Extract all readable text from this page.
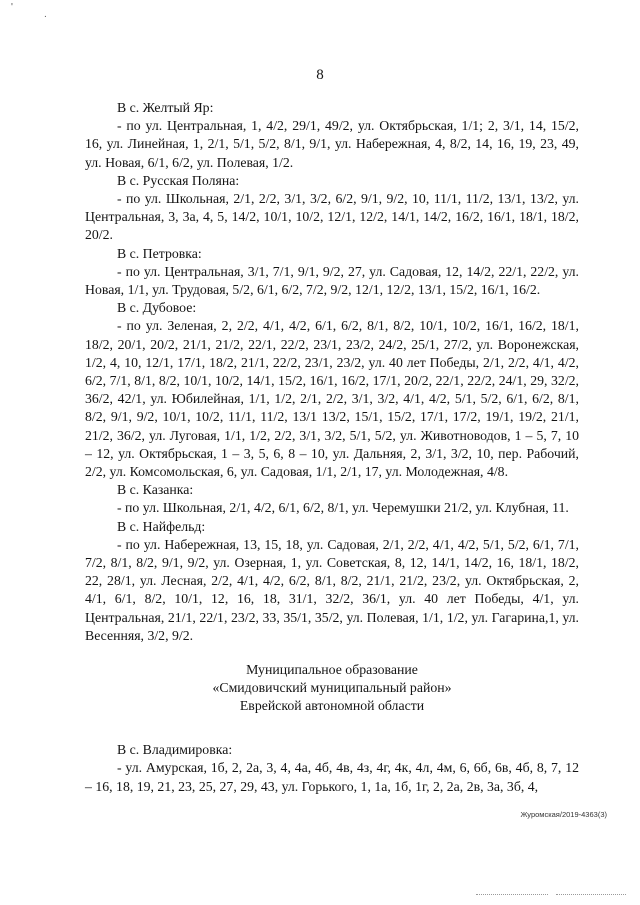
'
.
8

В с. Желтый Яр:

- по ул. Центральная, 1, 4/2, 29/1, 49/2, ул. Октябрьская, 1/1; 2, 3/1, 14, 15/2, 16, ул. Линейная, 1, 2/1, 5/1, 5/2, 8/1, 9/1, ул. Набережная, 4, 8/2, 14, 16, 19, 23, 49, ул. Новая, 6/1, 6/2, ул. Полевая, 1/2.

В с. Русская Поляна:

- по ул. Школьная, 2/1, 2/2, 3/1, 3/2, 6/2, 9/1, 9/2, 10, 11/1, 11/2, 13/1, 13/2, ул. Центральная, 3, 3а, 4, 5, 14/2, 10/1, 10/2, 12/1, 12/2, 14/1, 14/2, 16/2, 16/1, 18/1, 18/2, 20/2.

В с. Петровка:

- по ул. Центральная, 3/1, 7/1, 9/1, 9/2, 27, ул. Садовая, 12, 14/2, 22/1, 22/2, ул. Новая, 1/1, ул. Трудовая, 5/2, 6/1, 6/2, 7/2, 9/2, 12/1, 12/2, 13/1, 15/2, 16/1, 16/2.

В с. Дубовое:

- по ул. Зеленая, 2, 2/2, 4/1, 4/2, 6/1, 6/2, 8/1, 8/2, 10/1, 10/2, 16/1, 16/2, 18/1, 18/2, 20/1, 20/2, 21/1, 21/2, 22/1, 22/2, 23/1, 23/2, 24/2, 25/1, 27/2, ул. Воронежская, 1/2, 4, 10, 12/1, 17/1, 18/2, 21/1, 22/2, 23/1, 23/2, ул. 40 лет Победы, 2/1, 2/2, 4/1, 4/2, 6/2, 7/1, 8/1, 8/2, 10/1, 10/2, 14/1, 15/2, 16/1, 16/2, 17/1, 20/2, 22/1, 22/2, 24/1, 29, 32/2, 36/2, 42/1, ул. Юбилейная, 1/1, 1/2, 2/1, 2/2, 3/1, 3/2, 4/1, 4/2, 5/1, 5/2, 6/1, 6/2, 8/1, 8/2, 9/1, 9/2, 10/1, 10/2, 11/1, 11/2, 13/1 13/2, 15/1, 15/2, 17/1, 17/2, 19/1, 19/2, 21/1, 21/2, 36/2, ул. Луговая, 1/1, 1/2, 2/2, 3/1, 3/2, 5/1, 5/2, ул. Животноводов, 1 – 5, 7, 10 – 12, ул. Октябрьская, 1 – 3, 5, 6, 8 – 10, ул. Дальняя, 2, 3/1, 3/2, 10, пер. Рабочий, 2/2, ул. Комсомольская, 6, ул. Садовая, 1/1, 2/1, 17, ул. Молодежная, 4/8.

В с. Казанка:

- по ул. Школьная, 2/1, 4/2, 6/1, 6/2, 8/1, ул. Черемушки 21/2, ул. Клубная, 11.

В с. Найфельд:

- по ул. Набережная, 13, 15, 18, ул. Садовая, 2/1, 2/2, 4/1, 4/2, 5/1, 5/2, 6/1, 7/1, 7/2, 8/1, 8/2, 9/1, 9/2, ул. Озерная, 1, ул. Советская, 8, 12, 14/1, 14/2, 16, 18/1, 18/2, 22, 28/1, ул. Лесная, 2/2, 4/1, 4/2, 6/2, 8/1, 8/2, 21/1, 21/2, 23/2, ул. Октябрьская, 2, 4/1, 6/1, 8/2, 10/1, 12, 16, 18, 31/1, 32/2, 36/1, ул. 40 лет Победы, 4/1, ул. Центральная, 21/1, 22/1, 23/2, 33, 35/1, 35/2, ул. Полевая, 1/1, 1/2, ул. Гагарина,1, ул. Весенняя, 3/2, 9/2.

Муниципальное образование
«Смидовичский муниципальный район»
Еврейской автономной области

В с. Владимировка:

- ул. Амурская, 1б, 2, 2а, 3, 4, 4а, 4б, 4в, 4з, 4г, 4к, 4л, 4м, 6, 6б, 6в, 4б, 8, 7, 12 – 16, 18, 19, 21, 23, 25, 27, 29, 43, ул. Горького, 1, 1а, 1б, 1г, 2, 2а, 2в, 3а, 3б, 4,

Журомская/2019-4363(3)
